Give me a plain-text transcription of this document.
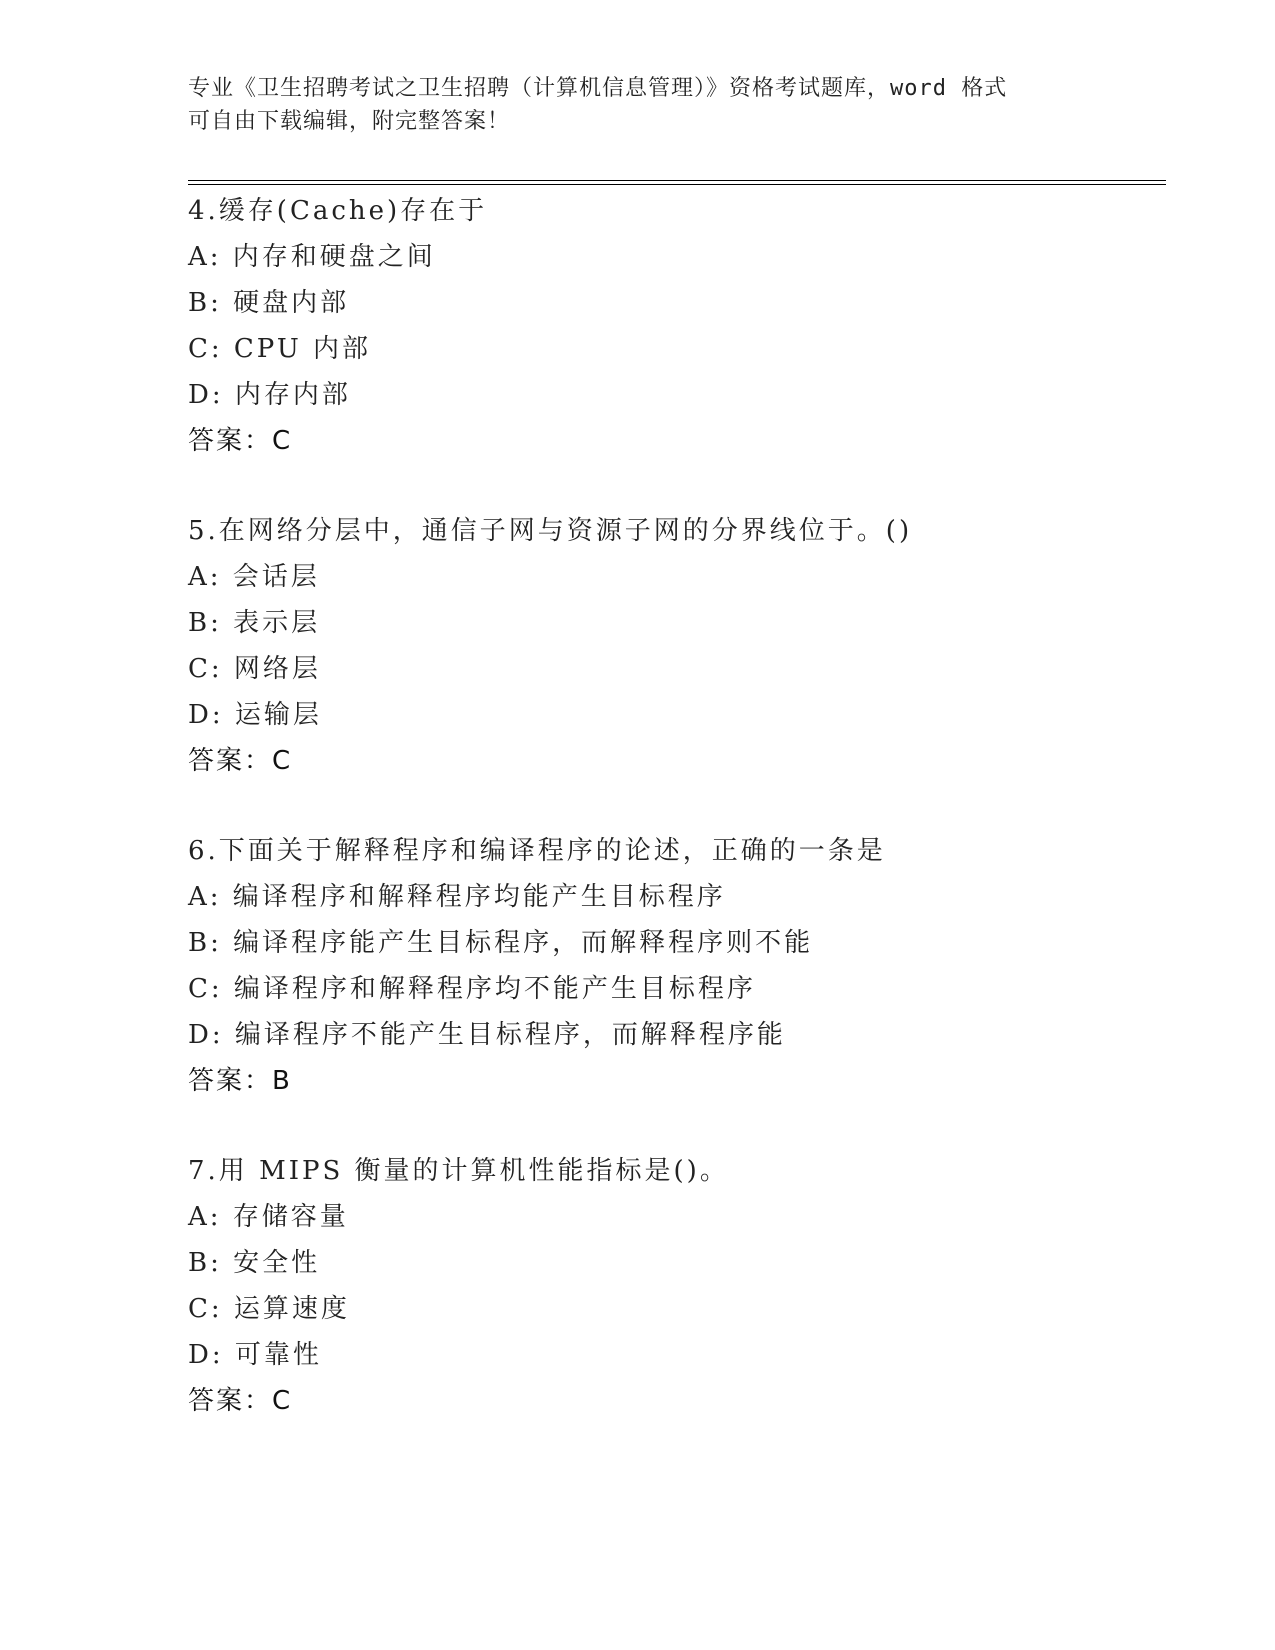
专业《卫生招聘考试之卫生招聘（计算机信息管理）》资格考试题库，word 格式
可自由下载编辑，附完整答案！
4.缓存(Cache)存在于
A: 内存和硬盘之间
B: 硬盘内部
C: CPU 内部
D: 内存内部
答案：C
5.在网络分层中，通信子网与资源子网的分界线位于。()
A: 会话层
B: 表示层
C: 网络层
D: 运输层
答案：C
6.下面关于解释程序和编译程序的论述，正确的一条是
A: 编译程序和解释程序均能产生目标程序
B: 编译程序能产生目标程序，而解释程序则不能
C: 编译程序和解释程序均不能产生目标程序
D: 编译程序不能产生目标程序，而解释程序能
答案：B
7.用 MIPS 衡量的计算机性能指标是()。
A: 存储容量
B: 安全性
C: 运算速度
D: 可靠性
答案：C
